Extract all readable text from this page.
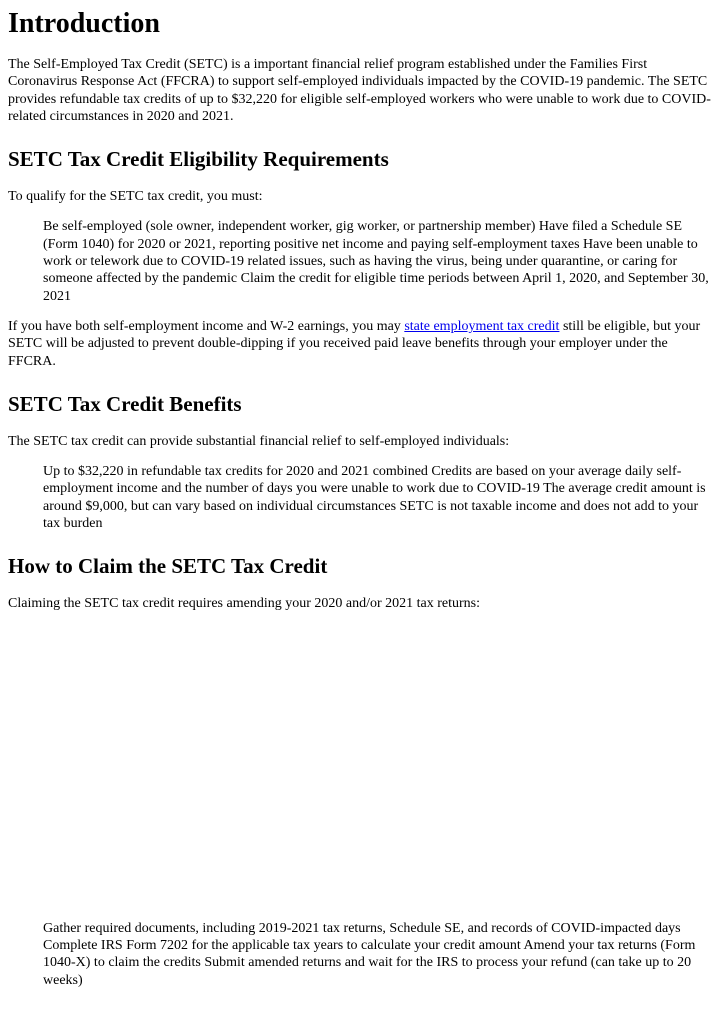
Introduction

The Self-Employed Tax Credit (SETC) is a important financial relief program established under the Families First Coronavirus Response Act (FFCRA) to support self-employed individuals impacted by the COVID-19 pandemic. The SETC provides refundable tax credits of up to $32,220 for eligible self-employed workers who were unable to work due to COVID-related circumstances in 2020 and 2021.

SETC Tax Credit Eligibility Requirements

To qualify for the SETC tax credit, you must:

Be self-employed (sole owner, independent worker, gig worker, or partnership member) Have filed a Schedule SE (Form 1040) for 2020 or 2021, reporting positive net income and paying self-employment taxes Have been unable to work or telework due to COVID-19 related issues, such as having the virus, being under quarantine, or caring for someone affected by the pandemic Claim the credit for eligible time periods between April 1, 2020, and September 30, 2021

If you have both self-employment income and W-2 earnings, you may state employment tax credit still be eligible, but your SETC will be adjusted to prevent double-dipping if you received paid leave benefits through your employer under the FFCRA.

SETC Tax Credit Benefits

The SETC tax credit can provide substantial financial relief to self-employed individuals:

Up to $32,220 in refundable tax credits for 2020 and 2021 combined Credits are based on your average daily self-employment income and the number of days you were unable to work due to COVID-19 The average credit amount is around $9,000, but can vary based on individual circumstances SETC is not taxable income and does not add to your tax burden
How to Claim the SETC Tax Credit

Claiming the SETC tax credit requires amending your 2020 and/or 2021 tax returns:

Gather required documents, including 2019-2021 tax returns, Schedule SE, and records of COVID-impacted days Complete IRS Form 7202 for the applicable tax years to calculate your credit amount Amend your tax returns (Form 1040-X) to claim the credits Submit amended returns and wait for the IRS to process your refund (can take up to 20 weeks)
